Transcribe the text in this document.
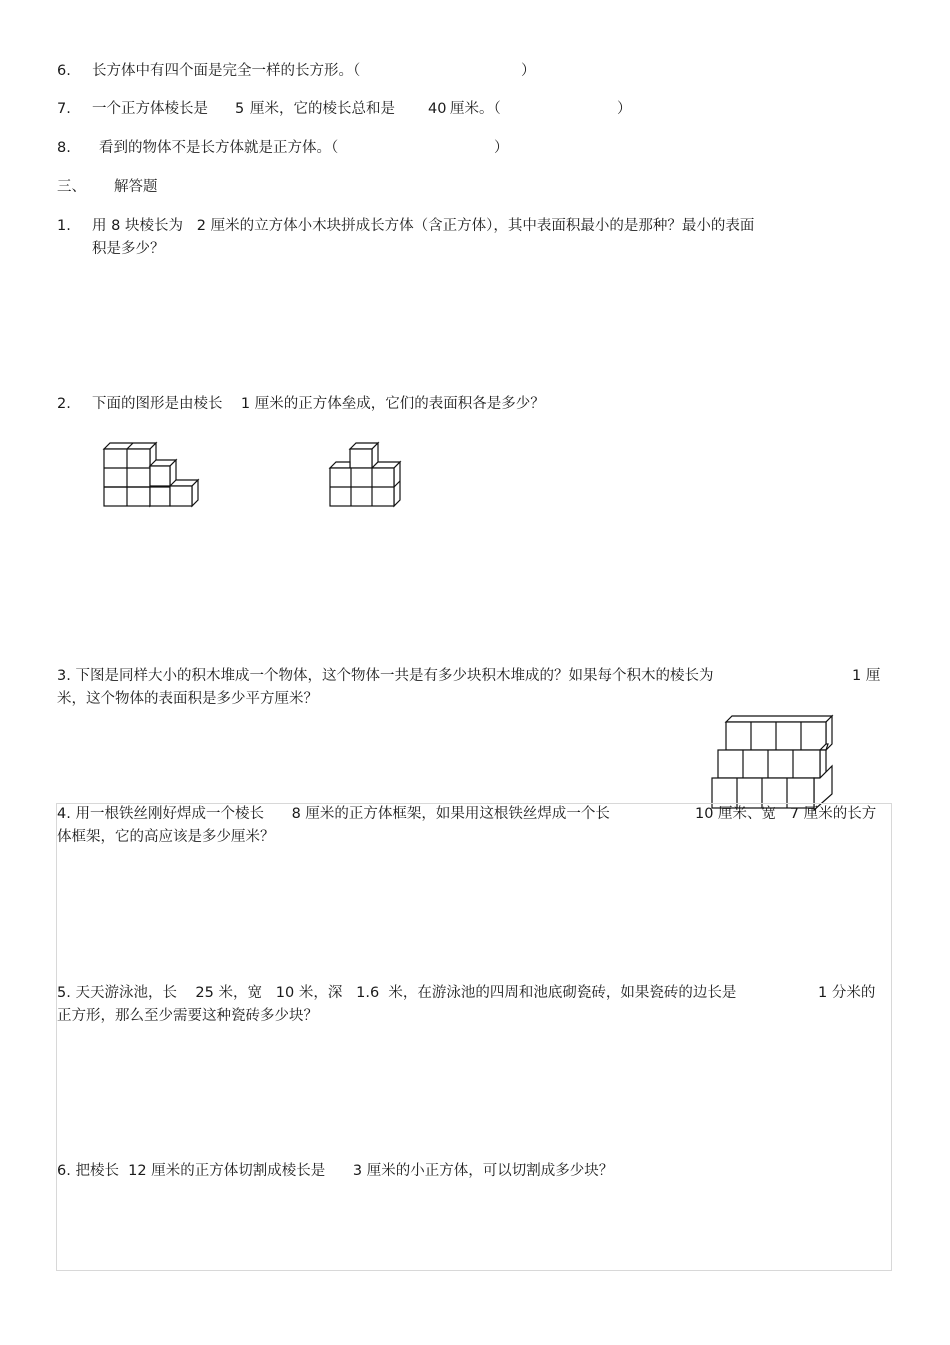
6. 长方体中有四个面是完全一样的长方形。（	）
7. 一个正方体棱长是 5 厘米，它的棱长总和是 40 厘米。（	）
8. 看到的物体不是长方体就是正方体。（	）
三、 解答题
1. 用 8 块棱长为   2 厘米的立方体小木块拼成长方体（含正方体），其中表面积最小的是那种？最小的表面
积是多少？
2. 下面的图形是由棱长    1 厘米的正方体垒成，它们的表面积各是多少？
3. 下图是同样大小的积木堆成一个物体，这个物体一共是有多少块积木堆成的？如果每个积木的棱长为	1 厘
米，这个物体的表面积是多少平方厘米？
4. 用一根铁丝刚好焊成一个棱长      8 厘米的正方体框架，如果用这根铁丝焊成一个长	10 厘米、宽   7 厘米的长方
体框架，它的高应该是多少厘米？
5. 天天游泳池，长    25 米，宽   10 米，深   1.6  米，在游泳池的四周和池底砌瓷砖，如果瓷砖的边长是	1 分米的
正方形，那么至少需要这种瓷砖多少块？
6. 把棱长  12 厘米的正方体切割成棱长是      3 厘米的小正方体，可以切割成多少块？
